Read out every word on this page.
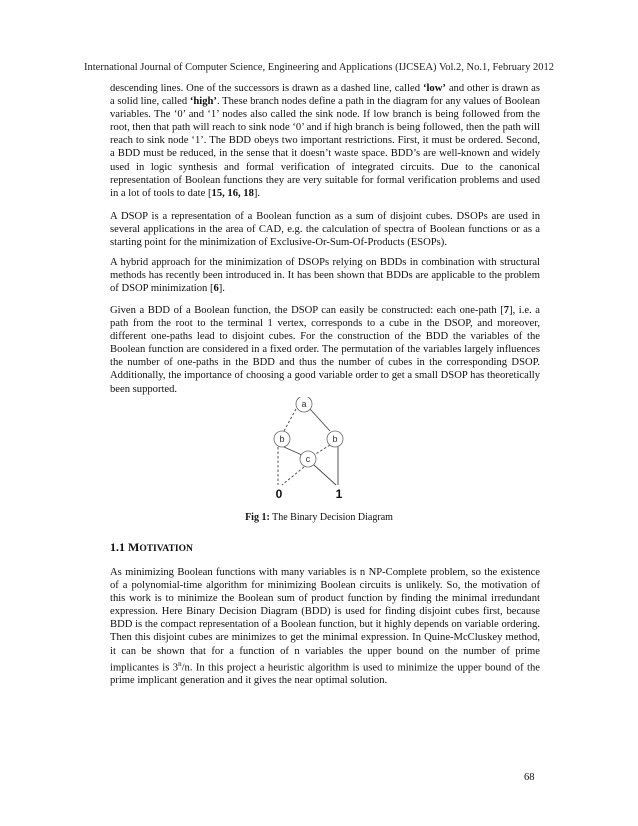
International Journal of Computer Science, Engineering and Applications (IJCSEA) Vol.2, No.1, February 2012

descending lines. One of the successors is drawn as a dashed line, called ‘low’ and other is drawn as a solid line, called ‘high’. These branch nodes define a path in the diagram for any values of Boolean variables. The ‘0’ and ‘1’ nodes also called the sink node. If low branch is being followed from the root, then that path will reach to sink node ‘0’ and if high branch is being followed, then the path will reach to sink node ‘1’. The BDD obeys two important restrictions. First, it must be ordered. Second, a BDD must be reduced, in the sense that it doesn’t waste space. BDD’s are well-known and widely used in logic synthesis and formal verification of integrated circuits. Due to the canonical representation of Boolean functions they are very suitable for formal verification problems and used in a lot of tools to date [15, 16, 18].

A DSOP is a representation of a Boolean function as a sum of disjoint cubes. DSOPs are used in several applications in the area of CAD, e.g. the calculation of spectra of Boolean functions or as a starting point for the minimization of Exclusive-Or-Sum-Of-Products (ESOPs).

A hybrid approach for the minimization of DSOPs relying on BDDs in combination with structural methods has recently been introduced in. It has been shown that BDDs are applicable to the problem of DSOP minimization [6].

Given a BDD of a Boolean function, the DSOP can easily be constructed: each one-path [7], i.e. a path from the root to the terminal 1 vertex, corresponds to a cube in the DSOP, and moreover, different one-paths lead to disjoint cubes. For the construction of the BDD the variables of the Boolean function are considered in a fixed order. The permutation of the variables largely influences the number of one-paths in the BDD and thus the number of cubes in the corresponding DSOP. Additionally, the importance of choosing a good variable order to get a small DSOP has theoretically been supported.

a
b	b
c
0	1
Fig 1: The Binary Decision Diagram
1.1 MOTIVATION

As minimizing Boolean functions with many variables is n NP-Complete problem, so the existence of a polynomial-time algorithm for minimizing Boolean circuits is unlikely. So, the motivation of this work is to minimize the Boolean sum of product function by finding the minimal irredundant expression. Here Binary Decision Diagram (BDD) is used for finding disjoint cubes first, because BDD is the compact representation of a Boolean function, but it highly depends on variable ordering. Then this disjoint cubes are minimizes to get the minimal expression. In Quine-McCluskey method, it can be shown that for a function of n variables the upper bound on the number of prime implicantes is 3$^n$/n. In this project a heuristic algorithm is used to minimize the upper bound of the prime implicant generation and it gives the near optimal solution.

68
